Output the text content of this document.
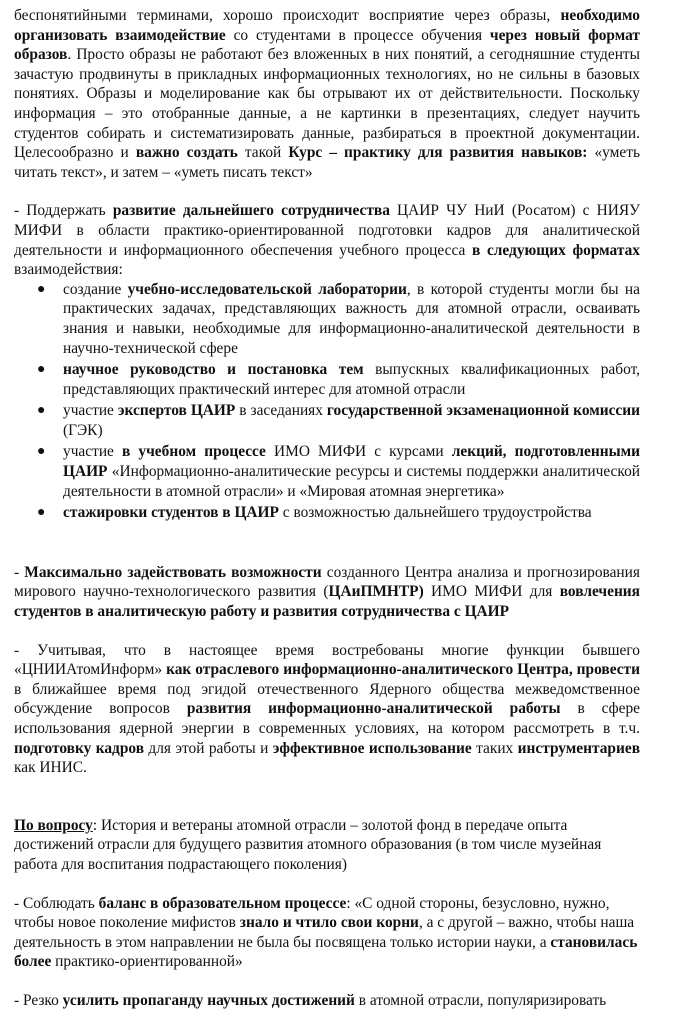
беспонятийными терминами, хорошо происходит восприятие через образы, необходимо организовать взаимодействие со студентами в процессе обучения через новый формат образов. Просто образы не работают без вложенных в них понятий, а сегодняшние студенты зачастую продвинуты в прикладных информационных технологиях, но не сильны в базовых понятиях. Образы и моделирование как бы отрывают их от действительности. Поскольку информация – это отобранные данные, а не картинки в презентациях, следует научить студентов собирать и систематизировать данные, разбираться в проектной документации. Целесообразно и важно создать такой Курс – практику для развития навыков: «уметь читать текст», и затем – «уметь писать текст»

- Поддержать развитие дальнейшего сотрудничества ЦАИР ЧУ НиИ (Росатом) с НИЯУ МИФИ в области практико-ориентированной подготовки кадров для аналитической деятельности и информационного обеспечения учебного процесса в следующих форматах взаимодействия:

● создание учебно-исследовательской лаборатории, в которой студенты могли бы на практических задачах, представляющих важность для атомной отрасли, осваивать знания и навыки, необходимые для информационно-аналитической деятельности в научно-технической сфере
● научное руководство и постановка тем выпускных квалификационных работ, представляющих практический интерес для атомной отрасли
● участие экспертов ЦАИР в заседаниях государственной экзаменационной комиссии (ГЭК)
● участие в учебном процессе ИМО МИФИ с курсами лекций, подготовленными ЦАИР «Информационно-аналитические ресурсы и системы поддержки аналитической деятельности в атомной отрасли» и «Мировая атомная энергетика»
● стажировки студентов в ЦАИР с возможностью дальнейшего трудоустройства

- Максимально задействовать возможности созданного Центра анализа и прогнозирования мирового научно-технологического развития (ЦАиПМНТР) ИМО МИФИ для вовлечения студентов в аналитическую работу и развития сотрудничества с ЦАИР

- Учитывая, что в настоящее время востребованы многие функции бывшего «ЦНИИАтомИнформ» как отраслевого информационно-аналитического Центра, провести в ближайшее время под эгидой отечественного Ядерного общества межведомственное обсуждение вопросов развития информационно-аналитической работы в сфере использования ядерной энергии в современных условиях, на котором рассмотреть в т.ч. подготовку кадров для этой работы и эффективное использование таких инструментариев как ИНИС.

По вопросу: История и ветераны атомной отрасли – золотой фонд в передаче опыта достижений отрасли для будущего развития атомного образования (в том числе музейная работа для воспитания подрастающего поколения)

- Соблюдать баланс в образовательном процессе: «С одной стороны, безусловно, нужно, чтобы новое поколение мифистов знало и чтило свои корни, а с другой – важно, чтобы наша деятельность в этом направлении не была бы посвящена только истории науки, а становилась более практико-ориентированной»

- Резко усилить пропаганду научных достижений в атомной отрасли, популяризировать
